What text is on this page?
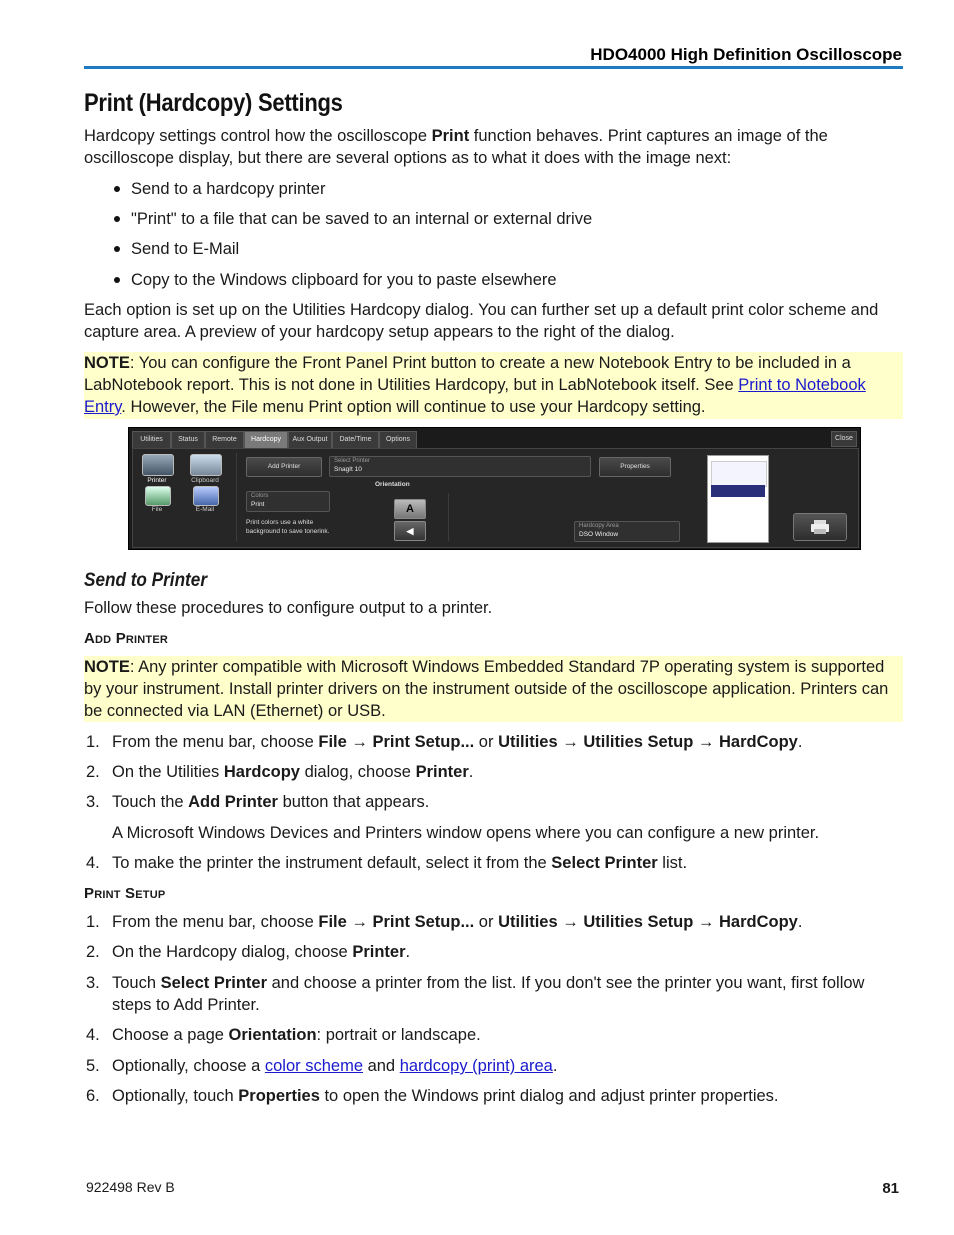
HDO4000 High Definition Oscilloscope
Print (Hardcopy) Settings

Hardcopy settings control how the oscilloscope Print function behaves. Print captures an image of the oscilloscope display, but there are several options as to what it does with the image next:

Send to a hardcopy printer
"Print" to a file that can be saved to an internal or external drive
Send to E-Mail
Copy to the Windows clipboard for you to paste elsewhere

Each option is set up on the Utilities Hardcopy dialog. You can further set up a default print color scheme and capture area. A preview of your hardcopy setup appears to the right of the dialog.

NOTE: You can configure the Front Panel Print button to create a new Notebook Entry to be included in a LabNotebook report. This is not done in Utilities Hardcopy, but in LabNotebook itself. See Print to Notebook Entry. However, the File menu Print option will continue to use your Hardcopy setting.

Utilities	Status	Remote	Hardcopy	Aux Output	Date/Time	Options	Close
Printer	Clipboard
File	E-Mail
Add Printer
Select Printer
SnagIt 10	Properties
Orientation
A
◀
Colors
Print
Print colors use a white
background to save tonerink.
Hardcopy Area
DSO Window
Send to Printer

Follow these procedures to configure output to a printer.

Add Printer

NOTE: Any printer compatible with Microsoft Windows Embedded Standard 7P operating system is supported by your instrument. Install printer drivers on the instrument outside of the oscilloscope application. Printers can be connected via LAN (Ethernet) or USB.

1. From the menu bar, choose File → Print Setup... or Utilities → Utilities Setup → HardCopy.
2. On the Utilities Hardcopy dialog, choose Printer.
3. Touch the Add Printer button that appears.
A Microsoft Windows Devices and Printers window opens where you can configure a new printer.
4. To make the printer the instrument default, select it from the Select Printer list.
Print Setup
1. From the menu bar, choose File → Print Setup... or Utilities → Utilities Setup → HardCopy.
2. On the Hardcopy dialog, choose Printer.
3. Touch Select Printer and choose a printer from the list. If you don't see the printer you want, first follow steps to Add Printer.
4. Choose a page Orientation: portrait or landscape.
5. Optionally, choose a color scheme and hardcopy (print) area.
6. Optionally, touch Properties to open the Windows print dialog and adjust printer properties.
922498 Rev B	81
